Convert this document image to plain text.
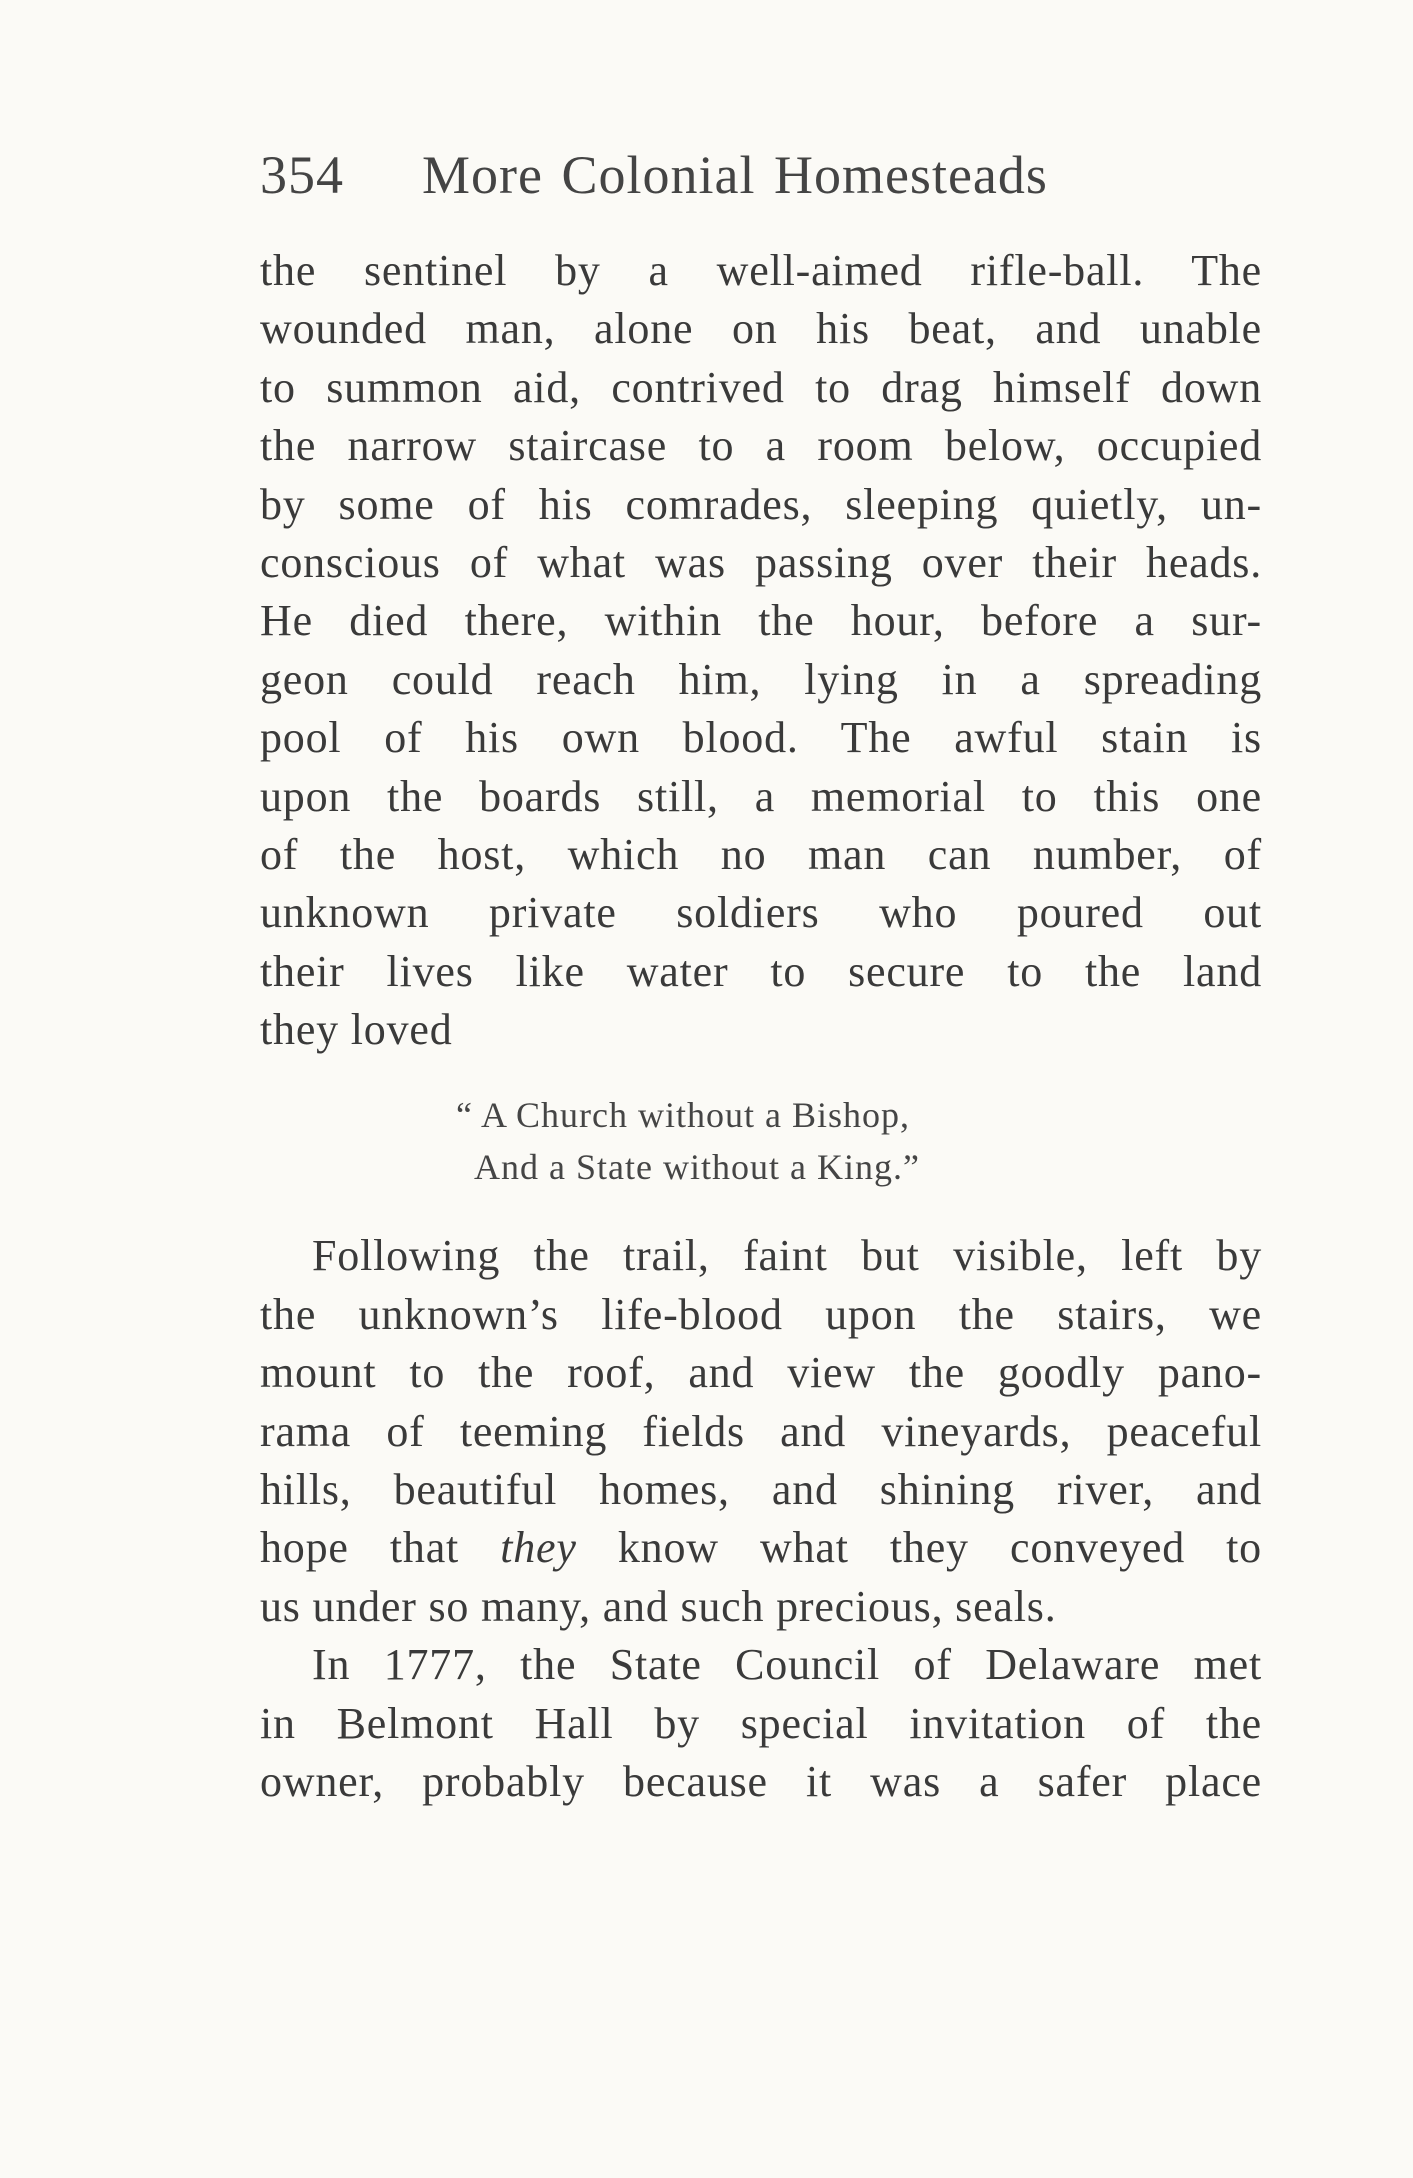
354 More Colonial Homesteads
the sentinel by a well-aimed rifle-ball. The
wounded man, alone on his beat, and unable
to summon aid, contrived to drag himself down
the narrow staircase to a room below, occupied
by some of his comrades, sleeping quietly, un-
conscious of what was passing over their heads.
He died there, within the hour, before a sur-
geon could reach him, lying in a spreading
pool of his own blood. The awful stain is
upon the boards still, a memorial to this one
of the host, which no man can number, of
unknown private soldiers who poured out
their lives like water to secure to the land
they loved
“ A Church without a Bishop,
And a State without a King.”
Following the trail, faint but visible, left by
the unknown’s life-blood upon the stairs, we
mount to the roof, and view the goodly pano-
rama of teeming fields and vineyards, peaceful
hills, beautiful homes, and shining river, and
hope that they know what they conveyed to
us under so many, and such precious, seals.
In 1777, the State Council of Delaware met
in Belmont Hall by special invitation of the
owner, probably because it was a safer place
